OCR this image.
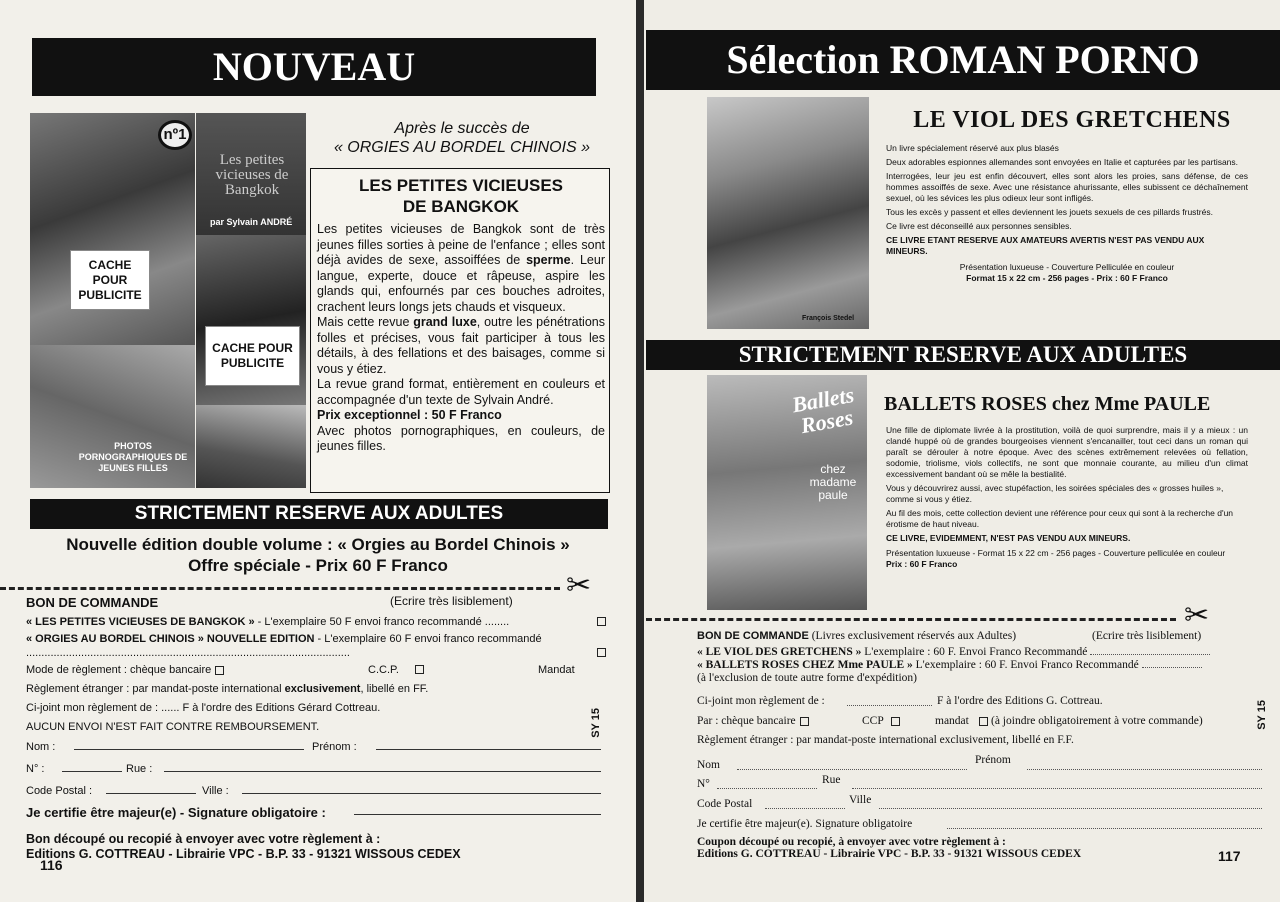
NOUVEAU
PHOTOS PORNOGRAPHIQUES DE JEUNES FILLES
Les petites vicieuses de Bangkok
par Sylvain ANDRÉ
nº1
CACHE POUR PUBLICITE
CACHE POUR PUBLICITE
Après le succès de
« ORGIES AU BORDEL CHINOIS »
LES PETITES VICIEUSES DE BANGKOK

Les petites vicieuses de Bangkok sont de très jeunes filles sorties à peine de l'enfance ; elles sont déjà avides de sexe, assoiffées de sperme. Leur langue, experte, douce et râpeuse, aspire les glands qui, enfournés par ces bouches adroites, crachent leurs longs jets chauds et visqueux.

Mais cette revue grand luxe, outre les pénétrations folles et précises, vous fait participer à tous les détails, à des fellations et des baisages, comme si vous y étiez.

La revue grand format, entièrement en couleurs et accompagnée d'un texte de Sylvain André.

Prix exceptionnel : 50 F Franco

Avec photos pornographiques, en couleurs, de jeunes filles.

STRICTEMENT RESERVE AUX ADULTES
Nouvelle édition double volume : « Orgies au Bordel Chinois »
Offre spéciale - Prix 60 F Franco
✂
BON DE COMMANDE	(Ecrire très lisiblement)
« LES PETITES VICIEUSES DE BANGKOK » - L'exemplaire 50 F envoi franco recommandé ........
« ORGIES AU BORDEL CHINOIS » NOUVELLE EDITION - L'exemplaire 60 F envoi franco recommandé ..........................................................................................................
Mode de règlement : chèque bancaire	C.C.P.	Mandat
Règlement étranger : par mandat-poste international exclusivement, libellé en FF.
Ci-joint mon règlement de : ...... F à l'ordre des Editions Gérard Cottreau.
AUCUN ENVOI N'EST FAIT CONTRE REMBOURSEMENT.
Nom :	Prénom :
N° :	Rue :
Code Postal :	Ville :
Je certifie être majeur(e) - Signature obligatoire :
Bon découpé ou recopié à envoyer avec votre règlement à :
Editions G. COTTREAU - Librairie VPC - B.P. 33 - 91321 WISSOUS CEDEX
SY 15
116
Sélection ROMAN PORNO
François Stedel
LE VIOL DES GRETCHENS

Un livre spécialement réservé aux plus blasés

Deux adorables espionnes allemandes sont envoyées en Italie et capturées par les partisans.

Interrogées, leur jeu est enfin découvert, elles sont alors les proies, sans défense, de ces hommes assoiffés de sexe. Avec une résistance ahurissante, elles subissent ce déchaînement sexuel, où les sévices les plus odieux leur sont infligés.

Tous les excès y passent et elles deviennent les jouets sexuels de ces pillards frustrés.

Ce livre est déconseillé aux personnes sensibles.

CE LIVRE ETANT RESERVE AUX AMATEURS AVERTIS N'EST PAS VENDU AUX MINEURS.

Présentation luxueuse - Couverture Pelliculée en couleur

Format 15 x 22 cm - 256 pages - Prix : 60 F Franco

STRICTEMENT RESERVE AUX ADULTES
Ballets Roses
chez madame paule
BALLETS ROSES chez Mme PAULE

Une fille de diplomate livrée à la prostitution, voilà de quoi surprendre, mais il y a mieux : un clandé huppé où de grandes bourgeoises viennent s'encanailler, tout ceci dans un roman qui paraît se dérouler à notre époque. Avec des scènes extrêmement relevées où fellation, sodomie, triolisme, viols collectifs, ne sont que monnaie courante, au milieu d'un climat excessivement bandant où se mêle la bestialité.

Vous y découvrirez aussi, avec stupéfaction, les soirées spéciales des « grosses huiles », comme si vous y étiez.

Au fil des mois, cette collection devient une référence pour ceux qui sont à la recherche d'un érotisme de haut niveau.

CE LIVRE, EVIDEMMENT, N'EST PAS VENDU AUX MINEURS.

Présentation luxueuse - Format 15 x 22 cm - 256 pages - Couverture pelliculée en couleur

Prix : 60 F Franco

✂
BON DE COMMANDE (Livres exclusivement réservés aux Adultes)	(Ecrire très lisiblement)
« LE VIOL DES GRETCHENS » L'exemplaire : 60 F. Envoi Franco Recommandé
« BALLETS ROSES CHEZ Mme PAULE » L'exemplaire : 60 F. Envoi Franco Recommandé
(à l'exclusion de toute autre forme d'expédition)
Ci-joint mon règlement de :	F à l'ordre des Editions G. Cottreau.
Par : chèque bancaire	CCP	mandat (à joindre obligatoirement à votre commande)
Règlement étranger : par mandat-poste international exclusivement, libellé en F.F.
Nom	Prénom
N°	Rue
Code Postal	Ville
Je certifie être majeur(e). Signature obligatoire
Coupon découpé ou recopié, à envoyer avec votre règlement à :
Editions G. COTTREAU - Librairie VPC - B.P. 33 - 91321 WISSOUS CEDEX
SY 15
117
